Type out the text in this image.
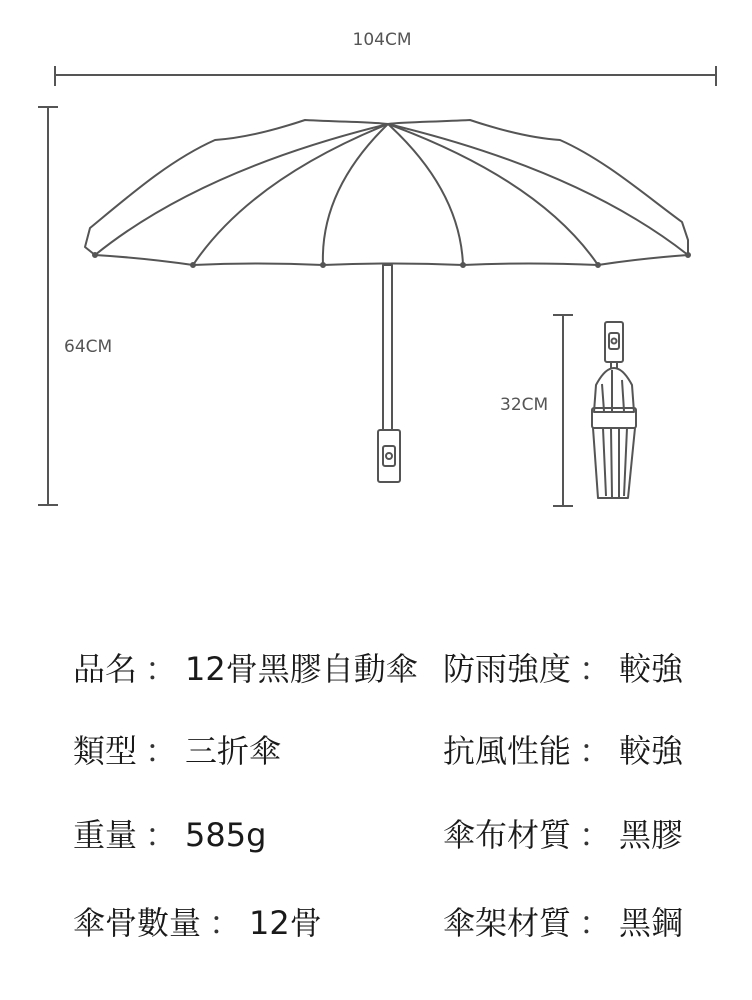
104CM
64CM
32CM
品名 ： 12骨黑膠自動傘 防雨強度 ： 較強
類型 ： 三折傘	抗風性能 ： 較強
重量 ： 585g	傘布材質 ： 黑膠
傘骨數量 ： 12骨	傘架材質 ： 黑鋼
